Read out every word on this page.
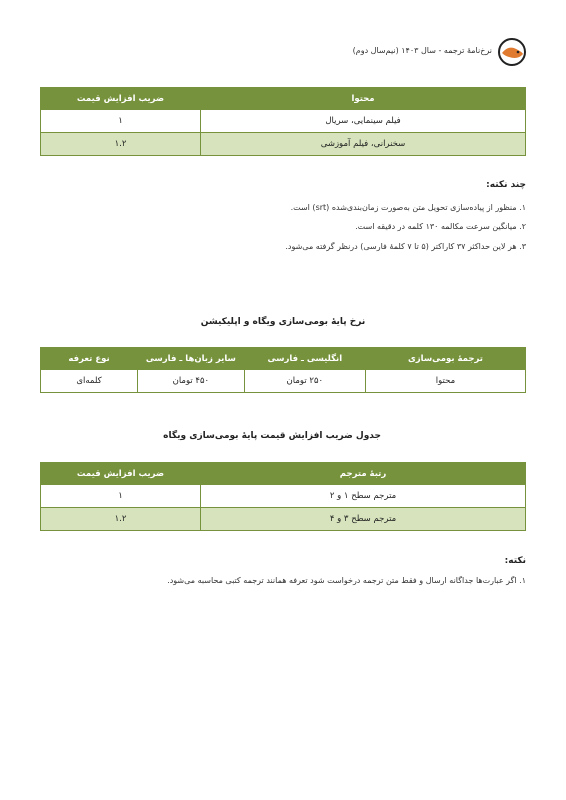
نرخ‌نامهٔ ترجمه - سال ۱۴۰۳ (نیم‌سال دوم)
محتوا	ضریب افزایش قیمت
فیلم سینمایی، سریال	۱
سخنرانی، فیلم آموزشی	۱.۲
چند نکته:
۱. منظور از پیاده‌سازی تحویل متن به‌صورت زمان‌بندی‌شده (srt) است.
۲. میانگین سرعت مکالمه ۱۳۰ کلمه در دقیقه است.
۳. هر لاین حداکثر ۳۷ کاراکتر (۵ تا ۷ کلمهٔ فارسی) درنظر گرفته می‌شود.
نرخ پایهٔ بومی‌سازی ویگاه و اپلیکیشن
ترجمهٔ بومی‌سازی	انگلیسی ـ فارسی	سایر زبان‌ها ـ فارسی	نوع تعرفه
محتوا	۲۵۰ تومان	۴۵۰ تومان	کلمه‌ای
جدول ضریب افزایش قیمت پایهٔ بومی‌سازی ویگاه
رتبهٔ مترجم	ضریب افزایش قیمت
مترجم سطح ۱ و ۲	۱
مترجم سطح ۳ و ۴	۱.۲
نکته:
۱. اگر عبارت‌ها جداگانه ارسال و فقط متن ترجمه درخواست شود تعرفه همانند ترجمه کتبی محاسبه می‌شود.
